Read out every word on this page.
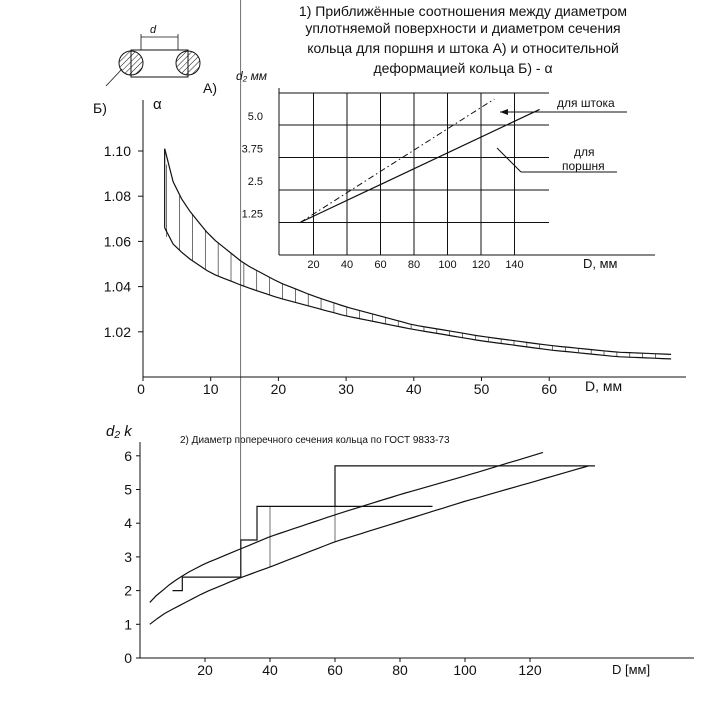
d
А)
1) Приближённые соотношения между диаметром
уплотняемой поверхности и диаметром сечения
кольца для поршня и штока А) и относительной
деформацией кольца Б) - α
Б)	α
D, мм
0	10	20	30	40	50	60
1.02
1.04
1.06
1.08
1.10
d₂ мм
D, мм
для штока
для
поршня
20 40 60 80 100 120 140
1.25
2.5
3.75
5.0
2) Диаметр поперечного сечения кольца по ГОСТ 9833-73
d₂ k
D [мм]
20	40	60	80	100	120
0
1
2
3
4
5
6
